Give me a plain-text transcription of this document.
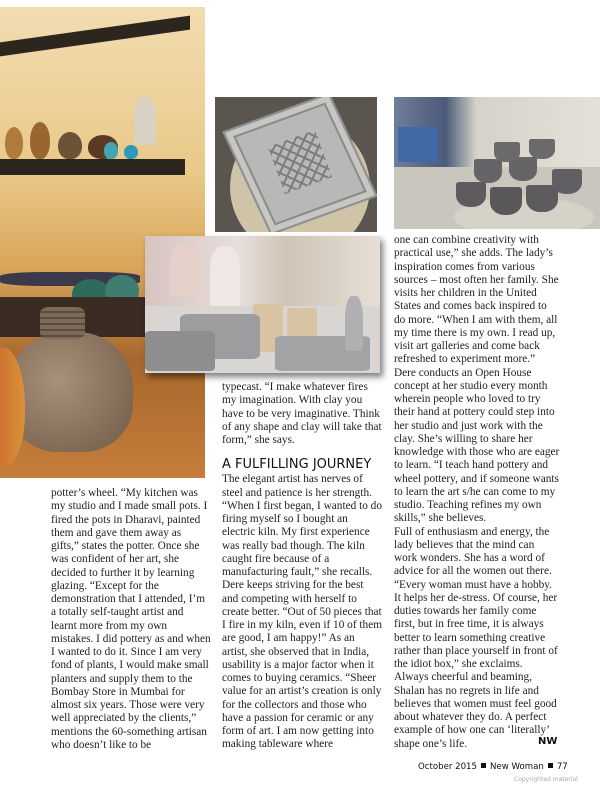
potter’s wheel. “My kitchen was my studio and I made small pots. I fired the pots in Dharavi, painted them and gave them away as gifts,” states the potter. Once she was confident of her art, she decided to further it by learning glazing. “Except for the demonstration that I attended, I’m a totally self-taught artist and learnt more from my own mistakes. I did pottery as and when I wanted to do it. Since I am very fond of plants, I would make small planters and supply them to the Bombay Store in Mumbai for almost six years. Those were very well appreciated by the clients,” mentions the 60-something artisan who doesn’t like to be

typecast. “I make whatever fires my imagination. With clay you have to be very imaginative. Think of any shape and clay will take that form,” she says.

A FULFILLING JOURNEY

The elegant artist has nerves of steel and patience is her strength. “When I first began, I wanted to do firing myself so I bought an electric kiln. My first experience was really bad though. The kiln caught fire because of a manufacturing fault,” she recalls. Dere keeps striving for the best and competing with herself to create better. “Out of 50 pieces that I fire in my kiln, even if 10 of them are good, I am happy!” As an artist, she observed that in India, usability is a major factor when it comes to buying ceramics. “Sheer value for an artist’s creation is only for the collectors and those who have a passion for ceramic or any form of art. I am now getting into making tableware where

one can combine creativity with practical use,” she adds. The lady’s inspiration comes from various sources – most often her family. She visits her children in the United States and comes back inspired to do more. “When I am with them, all my time there is my own. I read up, visit art galleries and come back refreshed to experiment more.”

Dere conducts an Open House concept at her studio every month wherein people who loved to try their hand at pottery could step into her studio and just work with the clay. She’s willing to share her knowledge with those who are eager to learn. “I teach hand pottery and wheel pottery, and if someone wants to learn the art s/he can come to my studio. Teaching refines my own skills,” she believes.

Full of enthusiasm and energy, the lady believes that the mind can work wonders. She has a word of advice for all the women out there. “Every woman must have a hobby. It helps her de-stress. Of course, her duties towards her family come first, but in free time, it is always better to learn something creative rather than place yourself in front of the idiot box,” she exclaims.

Always cheerful and beaming, Shalan has no regrets in life and believes that women must feel good about whatever they do. A perfect example of how one can ‘literally’ shape one’s life.	NW
October 2015 New Woman 77
Copyrighted material
